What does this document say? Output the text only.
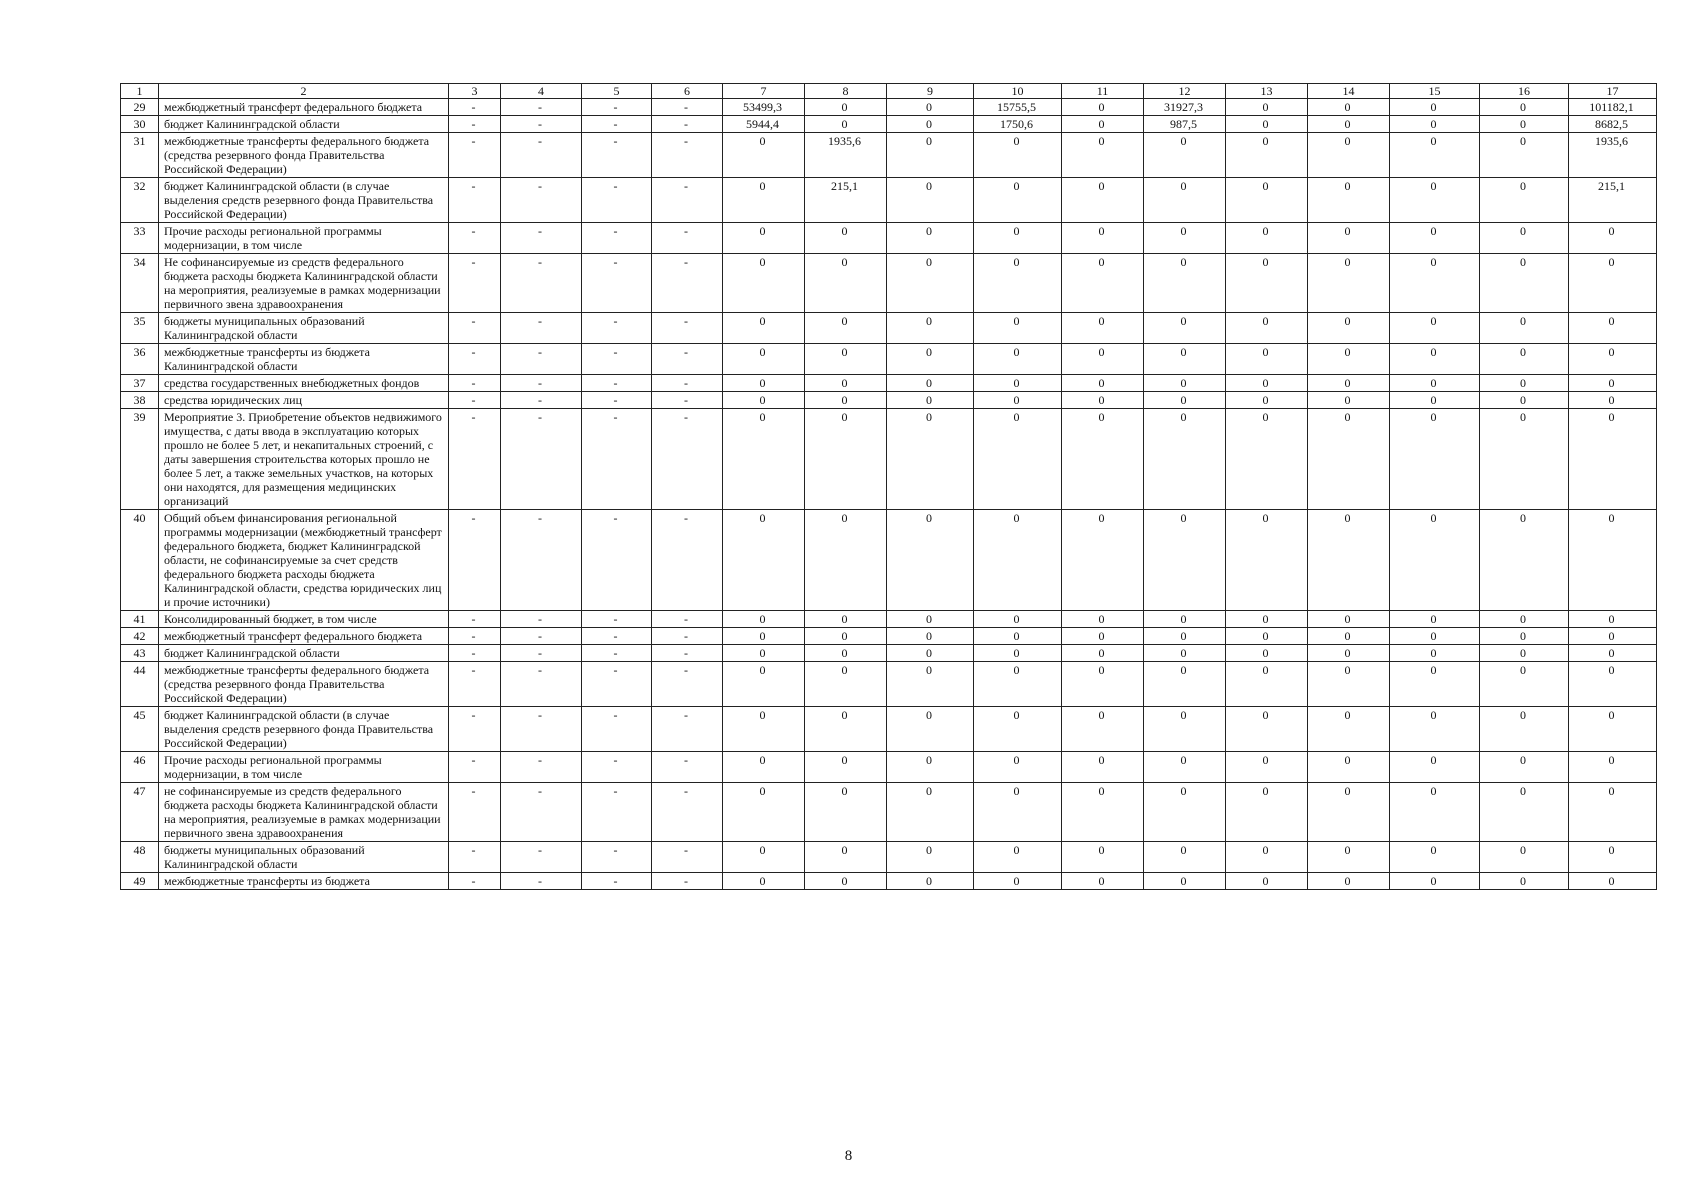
1	2	3	4	5	6	7	8	9	10	11	12	13	14	15	16	17
29	межбюджетный трансферт федерального бюджета	-	-	-	-	53499,3	0	0	15755,5	0	31927,3	0	0	0	0	101182,1
30	бюджет Калининградской области	-	-	-	-	5944,4	0	0	1750,6	0	987,5	0	0	0	0	8682,5
31	межбюджетные трансферты федерального бюджета (средства резервного фонда Правительства Российской Федерации)	-	-	-	-	0	1935,6	0	0	0	0	0	0	0	0	1935,6
32	бюджет Калининградской области (в случае выделения средств резервного фонда Правительства Российской Федерации)	-	-	-	-	0	215,1	0	0	0	0	0	0	0	0	215,1
33	Прочие расходы региональной программы модернизации, в том числе	-	-	-	-	0	0	0	0	0	0	0	0	0	0	0
34	Не софинансируемые из средств федерального бюджета расходы бюджета Калининградской области на мероприятия, реализуемые в рамках модернизации первичного звена здравоохранения	-	-	-	-	0	0	0	0	0	0	0	0	0	0	0
35	бюджеты муниципальных образований Калининградской области	-	-	-	-	0	0	0	0	0	0	0	0	0	0	0
36	межбюджетные трансферты из бюджета Калининградской области	-	-	-	-	0	0	0	0	0	0	0	0	0	0	0
37	средства государственных внебюджетных фондов	-	-	-	-	0	0	0	0	0	0	0	0	0	0	0
38	средства юридических лиц	-	-	-	-	0	0	0	0	0	0	0	0	0	0	0
39	Мероприятие 3. Приобретение объектов недвижимого имущества, с даты ввода в эксплуатацию которых прошло не более 5 лет, и некапитальных строений, с даты завершения строительства которых прошло не более 5 лет, а также земельных участков, на которых они находятся, для размещения медицинских организаций	-	-	-	-	0	0	0	0	0	0	0	0	0	0	0
40	Общий объем финансирования региональной программы модернизации (межбюджетный трансферт федерального бюджета, бюджет Калининградской области, не софинансируемые за счет средств федерального бюджета расходы бюджета Калининградской области, средства юридических лиц и прочие источники)	-	-	-	-	0	0	0	0	0	0	0	0	0	0	0
41	Консолидированный бюджет, в том числе	-	-	-	-	0	0	0	0	0	0	0	0	0	0	0
42	межбюджетный трансферт федерального бюджета	-	-	-	-	0	0	0	0	0	0	0	0	0	0	0
43	бюджет Калининградской области	-	-	-	-	0	0	0	0	0	0	0	0	0	0	0
44	межбюджетные трансферты федерального бюджета (средства резервного фонда Правительства Российской Федерации)	-	-	-	-	0	0	0	0	0	0	0	0	0	0	0
45	бюджет Калининградской области (в случае выделения средств резервного фонда Правительства Российской Федерации)	-	-	-	-	0	0	0	0	0	0	0	0	0	0	0
46	Прочие расходы региональной программы модернизации, в том числе	-	-	-	-	0	0	0	0	0	0	0	0	0	0	0
47	не софинансируемые из средств федерального бюджета расходы бюджета Калининградской области на мероприятия, реализуемые в рамках модернизации первичного звена здравоохранения	-	-	-	-	0	0	0	0	0	0	0	0	0	0	0
48	бюджеты муниципальных образований Калининградской области	-	-	-	-	0	0	0	0	0	0	0	0	0	0	0
49	межбюджетные трансферты из бюджета	-	-	-	-	0	0	0	0	0	0	0	0	0	0	0
8
